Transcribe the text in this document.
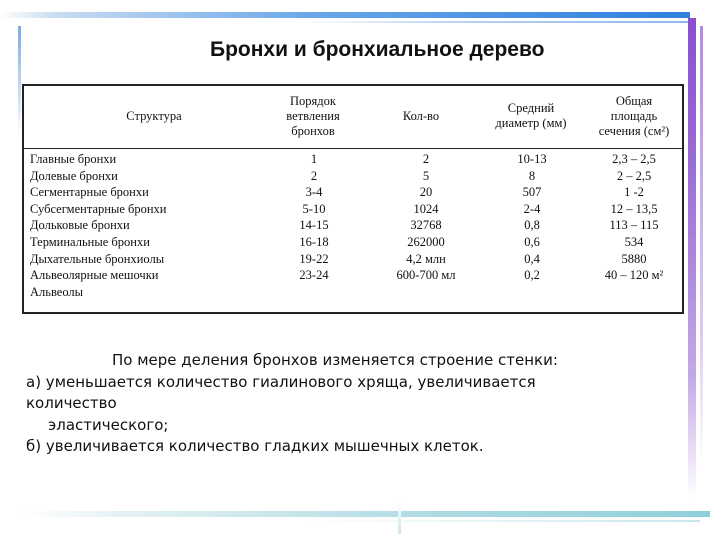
Бронхи и бронхиальное дерево
Структура
Порядок
ветвления
бронхов
Кол-во
Средний
диаметр (мм)
Общая
площадь
сечения (см²)
Главные бронхи
Долевые бронхи
Сегментарные бронхи
Субсегментарные бронхи
Дольковые бронхи
Терминальные бронхи
Дыхательные бронхиолы
Альвеолярные мешочки
Альвеолы
1
2
3-4
5-10
14-15
16-18
19-22
23-24
2
5
20
1024
32768
262000
4,2 млн
600-700 мл
10-13
8
507
2-4
0,8
0,6
0,4
0,2
2,3 – 2,5
2 – 2,5
1 -2
12 – 13,5
113 – 115
534
5880
40 – 120 м²
По мере деления бронхов изменяется строение стенки:
а) уменьшается количество гиалинового хряща, увеличивается
количество
эластического;
б) увеличивается количество гладких мышечных клеток.
